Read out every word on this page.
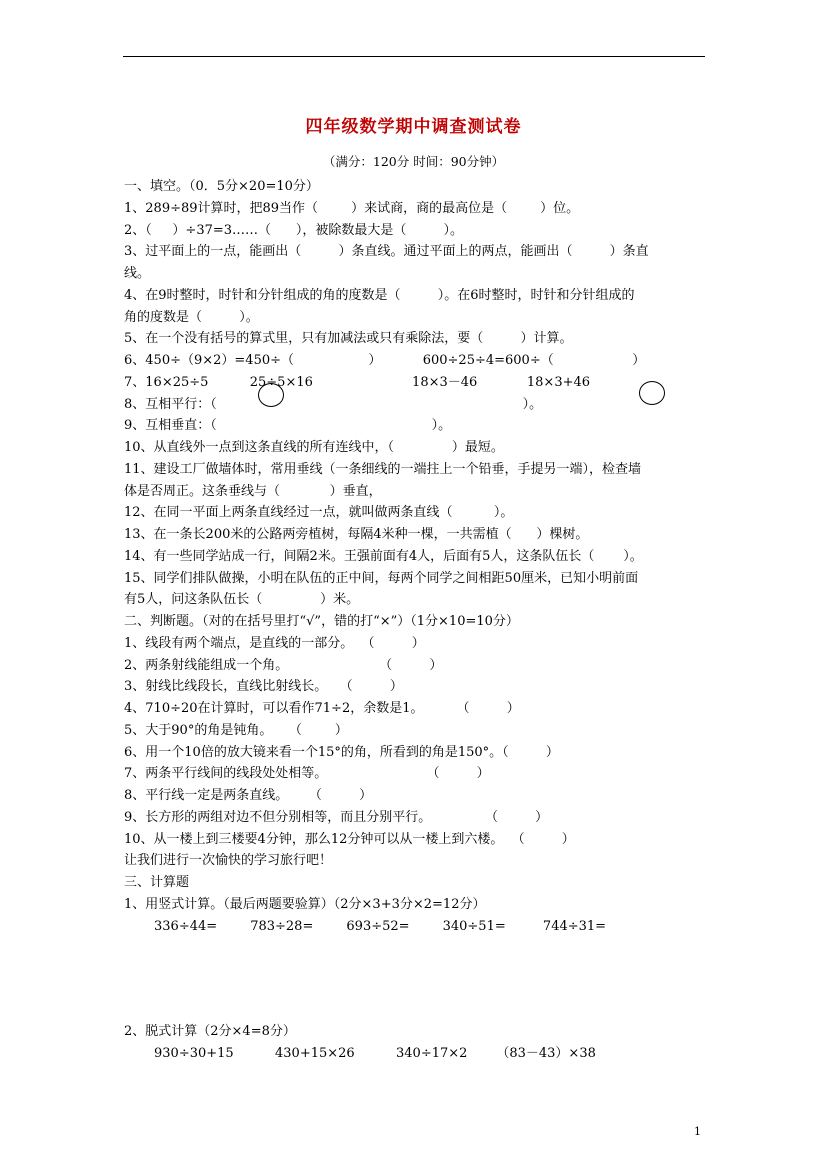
四年级数学期中调查测试卷
（满分：120分 时间：90分钟）

一、填空。（0．5分×20=10分）

1、289÷89计算时，把89当作（        ）来试商，商的最高位是（        ）位。

2、（     ）÷37=3……（      ），被除数最大是（         ）。

3、过平面上的一点，能画出（         ）条直线。通过平面上的两点，能画出（         ）条直

线。

4、在9时整时，时针和分针组成的角的度数是（         ）。在6时整时，时针和分针组成的

角的度数是（         ）。

5、在一个没有括号的算式里，只有加减法或只有乘除法，要（         ）计算。

6、450÷（9×2）=450÷（                  ）          600÷25÷4=600÷（                   ）

7、16×25÷5          25÷5×16                        18×3－46            18×3+46

8、互相平行：（                                                                          ）。

9、互相垂直：（                                                    ）。

10、从直线外一点到这条直线的所有连线中，（              ）最短。

11、建设工厂做墙体时，常用垂线（一条细线的一端拄上一个铅垂，手提另一端），检查墙

体是否周正。这条垂线与（            ）垂直，

12、在同一平面上两条直线经过一点，就叫做两条直线（          ）。

13、在一条长200米的公路两旁植树，每隔4米种一棵，一共需植（      ）棵树。

14、有一些同学站成一行，间隔2米。王强前面有4人，后面有5人，这条队伍长（       ）。

15、同学们排队做操，小明在队伍的正中间，每两个同学之间相距50厘米，已知小明前面

有5人，问这条队伍长（              ）米。

二、判断题。（对的在括号里打“√”，错的打“×”）（1分×10=10分）

1、线段有两个端点，是直线的一部分。  （         ）

2、两条射线能组成一个角。                      （         ）

3、射线比线段长，直线比射线长。   （         ）

4、710÷20在计算时，可以看作71÷2，余数是1。        （         ）

5、大于90°的角是钝角。    （        ）

6、用一个10倍的放大镜来看一个15°的角，所看到的角是150°。（         ）

7、两条平行线间的线段处处相等。                        （         ）

8、平行线一定是两条直线。     （         ）

9、长方形的两组对边不但分别相等，而且分别平行。             （         ）

10、从一楼上到三楼要4分钟，那么12分钟可以从一楼上到六楼。  （         ）

让我们进行一次愉快的学习旅行吧！

三、计算题

1、用竖式计算。（最后两题要验算）（2分×3+3分×2=12分）

336÷44=        783÷28=        693÷52=        340÷51=         744÷31=

2、脱式计算（2分×4=8分）

930÷30+15          430+15×26          340÷17×2       （83－43）×38
1
